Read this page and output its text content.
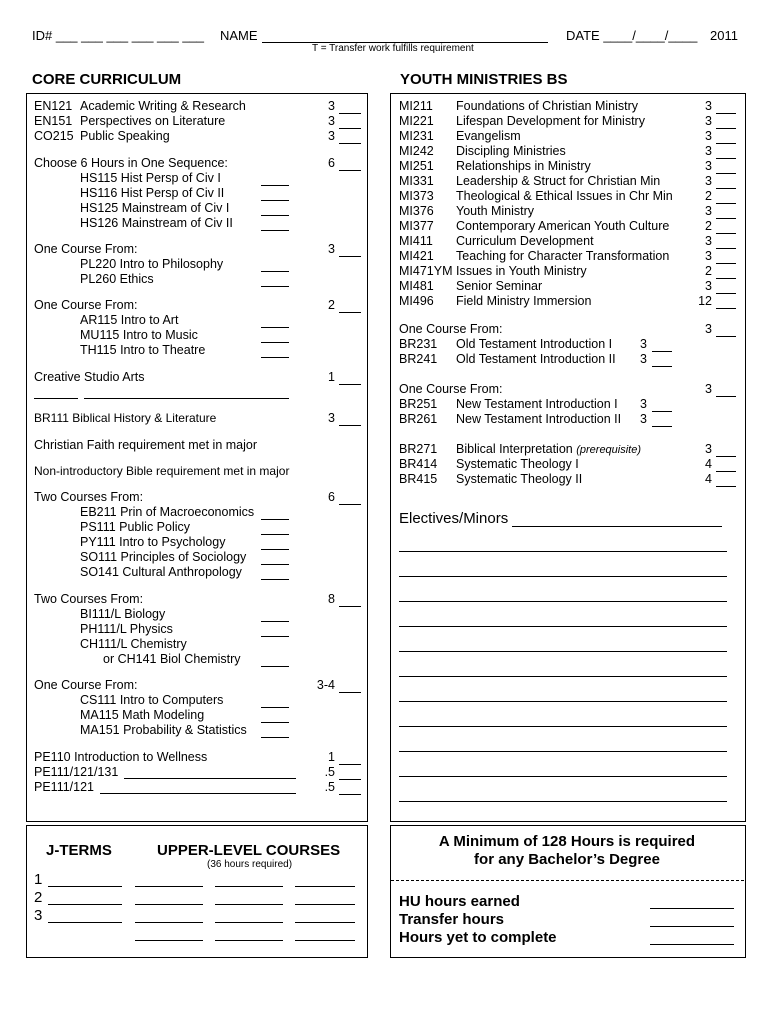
ID# ___ ___ ___ ___ ___ ___ NAME	DATE ____/____/____ 2011
T = Transfer work fulfills requirement
CORE CURRICULUM	YOUTH MINISTRIES BS
EN121 Academic Writing & Research	3
EN151 Perspectives on Literature	3
CO215 Public Speaking	3
Choose 6 Hours in One Sequence:	6
HS115 Hist Persp of Civ I
HS116 Hist Persp of Civ II
HS125 Mainstream of Civ I
HS126 Mainstream of Civ II
One Course From:	3
PL220 Intro to Philosophy
PL260 Ethics
One Course From:	2
AR115 Intro to Art
MU115 Intro to Music
TH115 Intro to Theatre
Creative Studio Arts	1
BR111 Biblical History & Literature	3
Christian Faith requirement met in major
Non-introductory Bible requirement met in major
Two Courses From:	6
EB211 Prin of Macroeconomics
PS111 Public Policy
PY111 Intro to Psychology
SO111 Principles of Sociology
SO141 Cultural Anthropology
Two Courses From:	8
BI111/L Biology
PH111/L Physics
CH111/L Chemistry
or CH141 Biol Chemistry
One Course From:	3-4
CS111 Intro to Computers
MA115 Math Modeling
MA151 Probability & Statistics
PE110 Introduction to Wellness	1
PE111/121/131	.5
PE111/121	.5
MI211 Foundations of Christian Ministry	3
MI221 Lifespan Development for Ministry	3
MI231 Evangelism	3
MI242 Discipling Ministries	3
MI251 Relationships in Ministry	3
MI331 Leadership & Struct for Christian Min	3
MI373 Theological & Ethical Issues in Chr Min	2
MI376 Youth Ministry	3
MI377 Contemporary American Youth Culture	2
MI411 Curriculum Development	3
MI421 Teaching for Character Transformation	3
MI471YM Issues in Youth Ministry	2
MI481 Senior Seminar	3
MI496 Field Ministry Immersion	12
One Course From:	3
BR231 Old Testament Introduction I 3
BR241 Old Testament Introduction II 3
One Course From:	3
BR251 New Testament Introduction I 3
BR261 New Testament Introduction II 3
BR271 Biblical Interpretation (prerequisite)	3
BR414 Systematic Theology I	4
BR415 Systematic Theology II	4
Electives/Minors
J-TERMS	UPPER-LEVEL COURSES
(36 hours required)
1
2
3
A Minimum of 128 Hours is required
for any Bachelor’s Degree
HU hours earned
Transfer hours
Hours yet to complete
